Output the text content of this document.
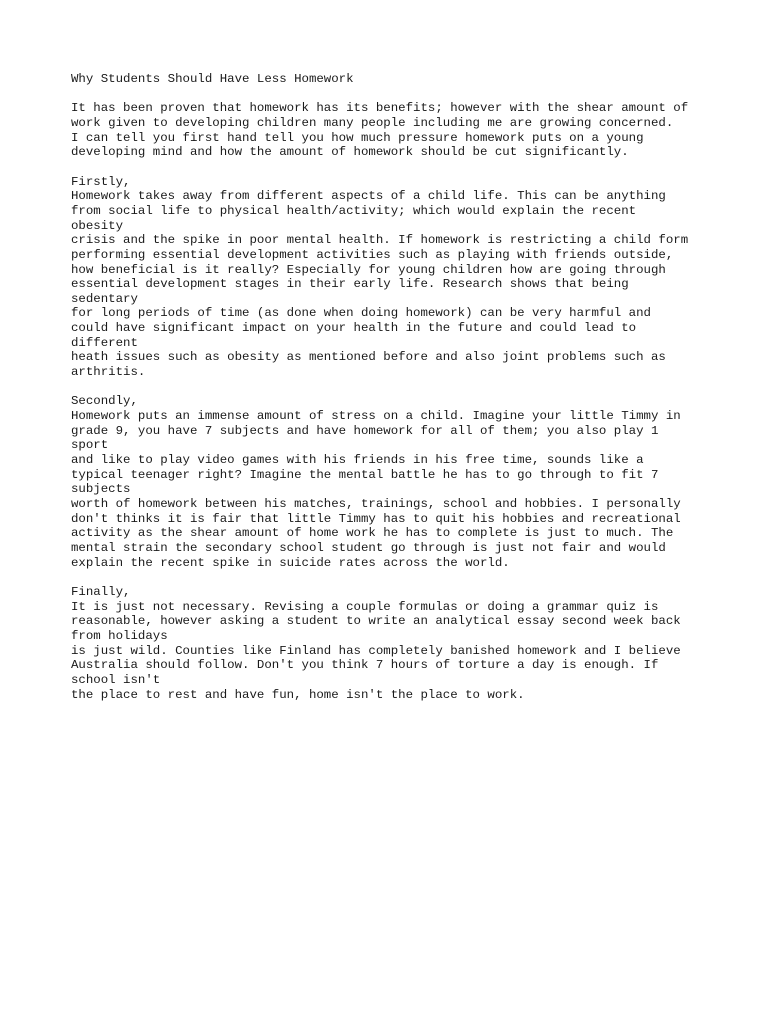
Why Students Should Have Less Homework
It has been proven that homework has its benefits; however with the shear amount of
work given to developing children many people including me are growing concerned.
I can tell you first hand tell you how much pressure homework puts on a young
developing mind and how the amount of homework should be cut significantly.
Firstly,
Homework takes away from different aspects of a child life. This can be anything
from social life to physical health/activity; which would explain the recent
obesity
crisis and the spike in poor mental health. If homework is restricting a child form
performing essential development activities such as playing with friends outside,
how beneficial is it really? Especially for young children how are going through
essential development stages in their early life. Research shows that being
sedentary
for long periods of time (as done when doing homework) can be very harmful and
could have significant impact on your health in the future and could lead to
different
heath issues such as obesity as mentioned before and also joint problems such as
arthritis.
Secondly,
Homework puts an immense amount of stress on a child. Imagine your little Timmy in
grade 9, you have 7 subjects and have homework for all of them; you also play 1
sport
and like to play video games with his friends in his free time, sounds like a
typical teenager right? Imagine the mental battle he has to go through to fit 7
subjects
worth of homework between his matches, trainings, school and hobbies. I personally
don't thinks it is fair that little Timmy has to quit his hobbies and recreational
activity as the shear amount of home work he has to complete is just to much. The
mental strain the secondary school student go through is just not fair and would
explain the recent spike in suicide rates across the world.
Finally,
It is just not necessary. Revising a couple formulas or doing a grammar quiz is
reasonable, however asking a student to write an analytical essay second week back
from holidays
is just wild. Counties like Finland has completely banished homework and I believe
Australia should follow. Don't you think 7 hours of torture a day is enough. If
school isn't
the place to rest and have fun, home isn't the place to work.
